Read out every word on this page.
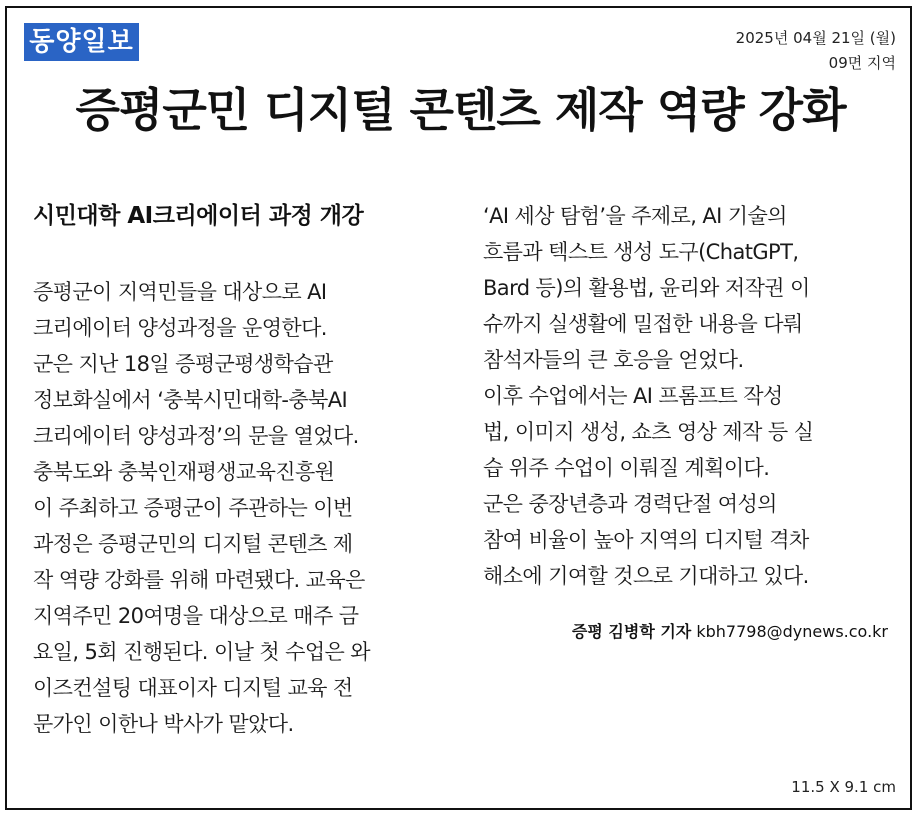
동양일보	2025년 04월 21일 (월)
09면 지역
증평군민 디지털 콘텐츠 제작 역량 강화
시민대학 AI크리에이터 과정 개강
증평군이 지역민들을 대상으로 AI
크리에이터 양성과정을 운영한다.
군은 지난 18일 증평군평생학습관
정보화실에서 ‘충북시민대학-충북AI
크리에이터 양성과정’의 문을 열었다.
충북도와 충북인재평생교육진흥원
이 주최하고 증평군이 주관하는 이번
과정은 증평군민의 디지털 콘텐츠 제
작 역량 강화를 위해 마련됐다. 교육은
지역주민 20여명을 대상으로 매주 금
요일, 5회 진행된다. 이날 첫 수업은 와
이즈컨설팅 대표이자 디지털 교육 전
문가인 이한나 박사가 맡았다.
‘AI 세상 탐험’을 주제로, AI 기술의
흐름과 텍스트 생성 도구(ChatGPT,
Bard 등)의 활용법, 윤리와 저작권 이
슈까지 실생활에 밀접한 내용을 다뤄
참석자들의 큰 호응을 얻었다.
이후 수업에서는 AI 프롬프트 작성
법, 이미지 생성, 쇼츠 영상 제작 등 실
습 위주 수업이 이뤄질 계획이다.
군은 중장년층과 경력단절 여성의
참여 비율이 높아 지역의 디지털 격차
해소에 기여할 것으로 기대하고 있다.
증평 김병학 기자 kbh7798@dynews.co.kr
11.5 X 9.1 cm
